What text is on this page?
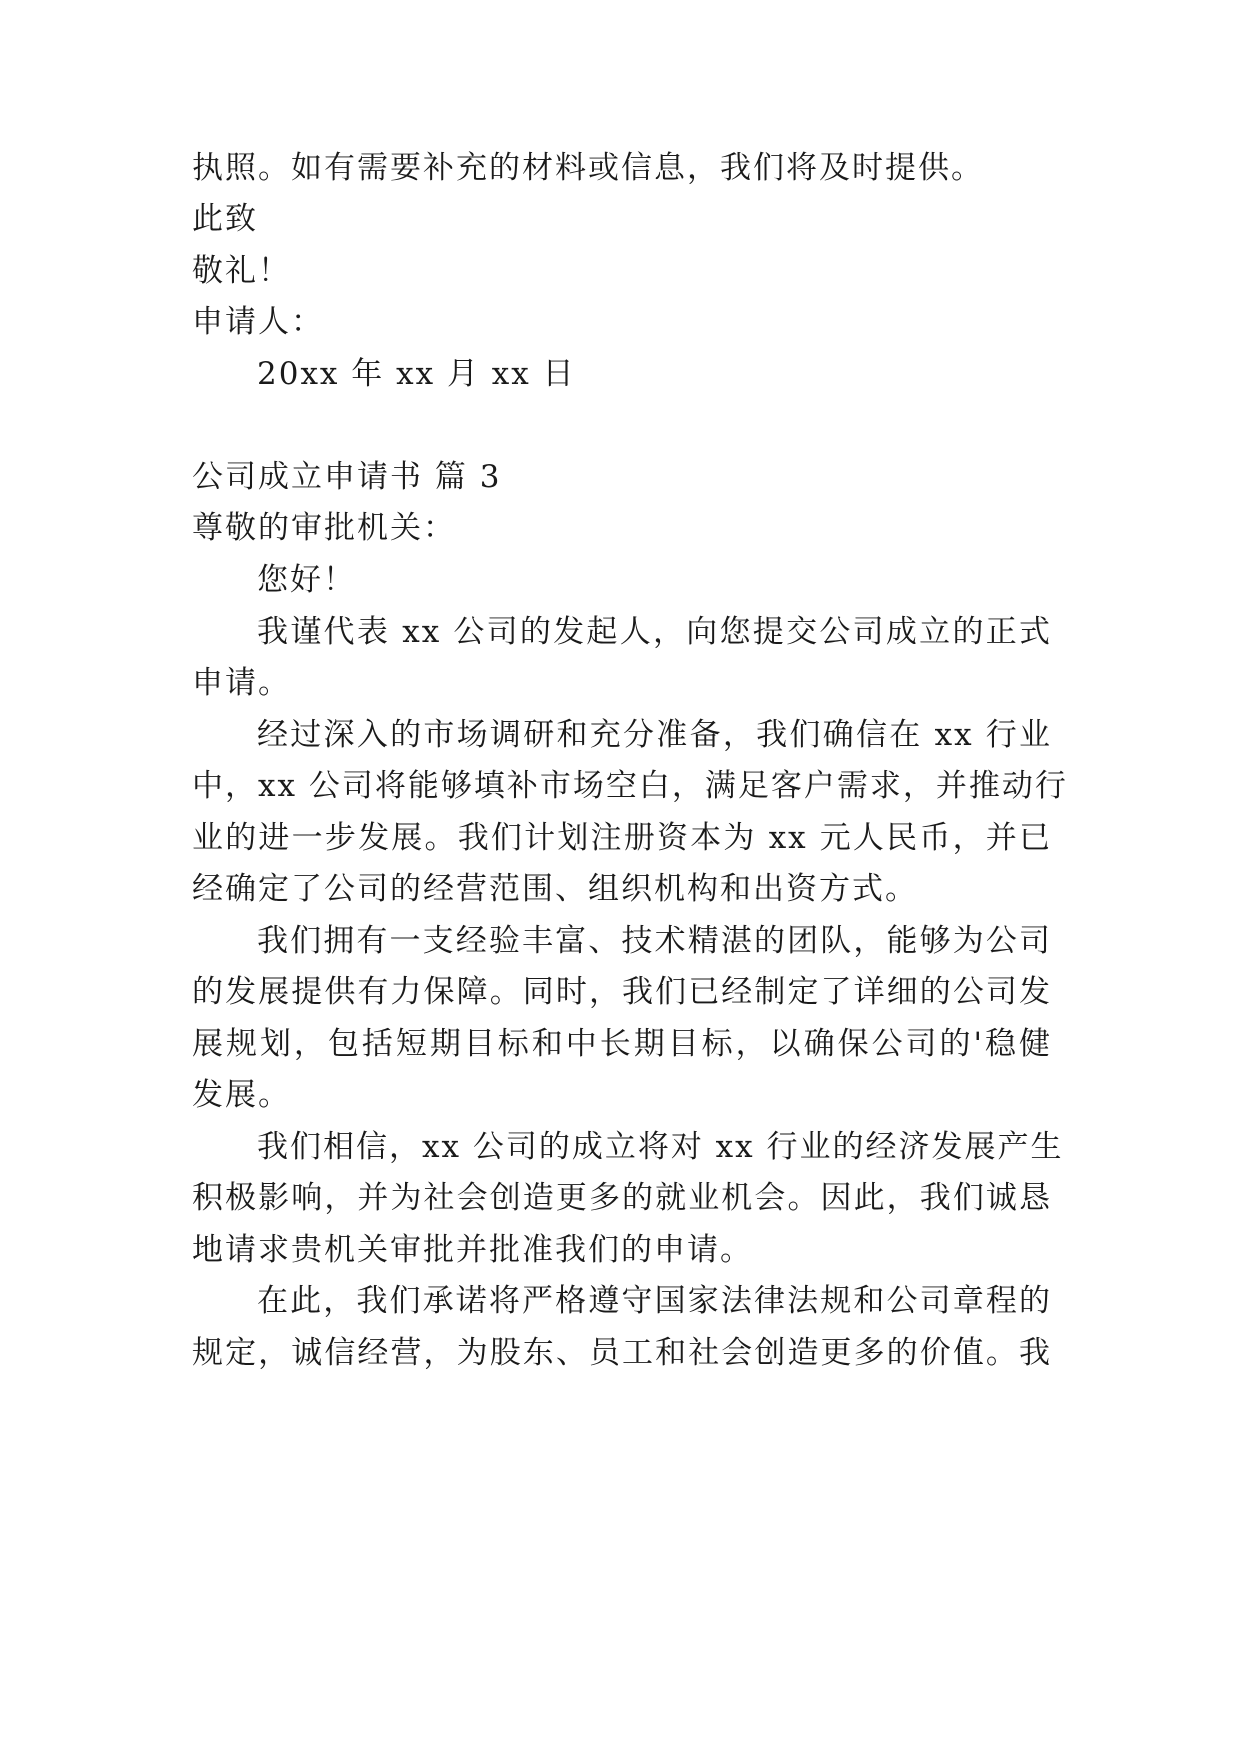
执照。如有需要补充的材料或信息，我们将及时提供。
此致
敬礼！
申请人：
20xx 年 xx 月 xx 日
公司成立申请书 篇 3
尊敬的审批机关：
您好！
我谨代表 xx 公司的发起人，向您提交公司成立的正式
申请。
经过深入的市场调研和充分准备，我们确信在 xx 行业
中，xx 公司将能够填补市场空白，满足客户需求，并推动行
业的进一步发展。我们计划注册资本为 xx 元人民币，并已
经确定了公司的经营范围、组织机构和出资方式。
我们拥有一支经验丰富、技术精湛的团队，能够为公司
的发展提供有力保障。同时，我们已经制定了详细的公司发
展规划，包括短期目标和中长期目标，以确保公司的'稳健
发展。
我们相信，xx 公司的成立将对 xx 行业的经济发展产生
积极影响，并为社会创造更多的就业机会。因此，我们诚恳
地请求贵机关审批并批准我们的申请。
在此，我们承诺将严格遵守国家法律法规和公司章程的
规定，诚信经营，为股东、员工和社会创造更多的价值。我
